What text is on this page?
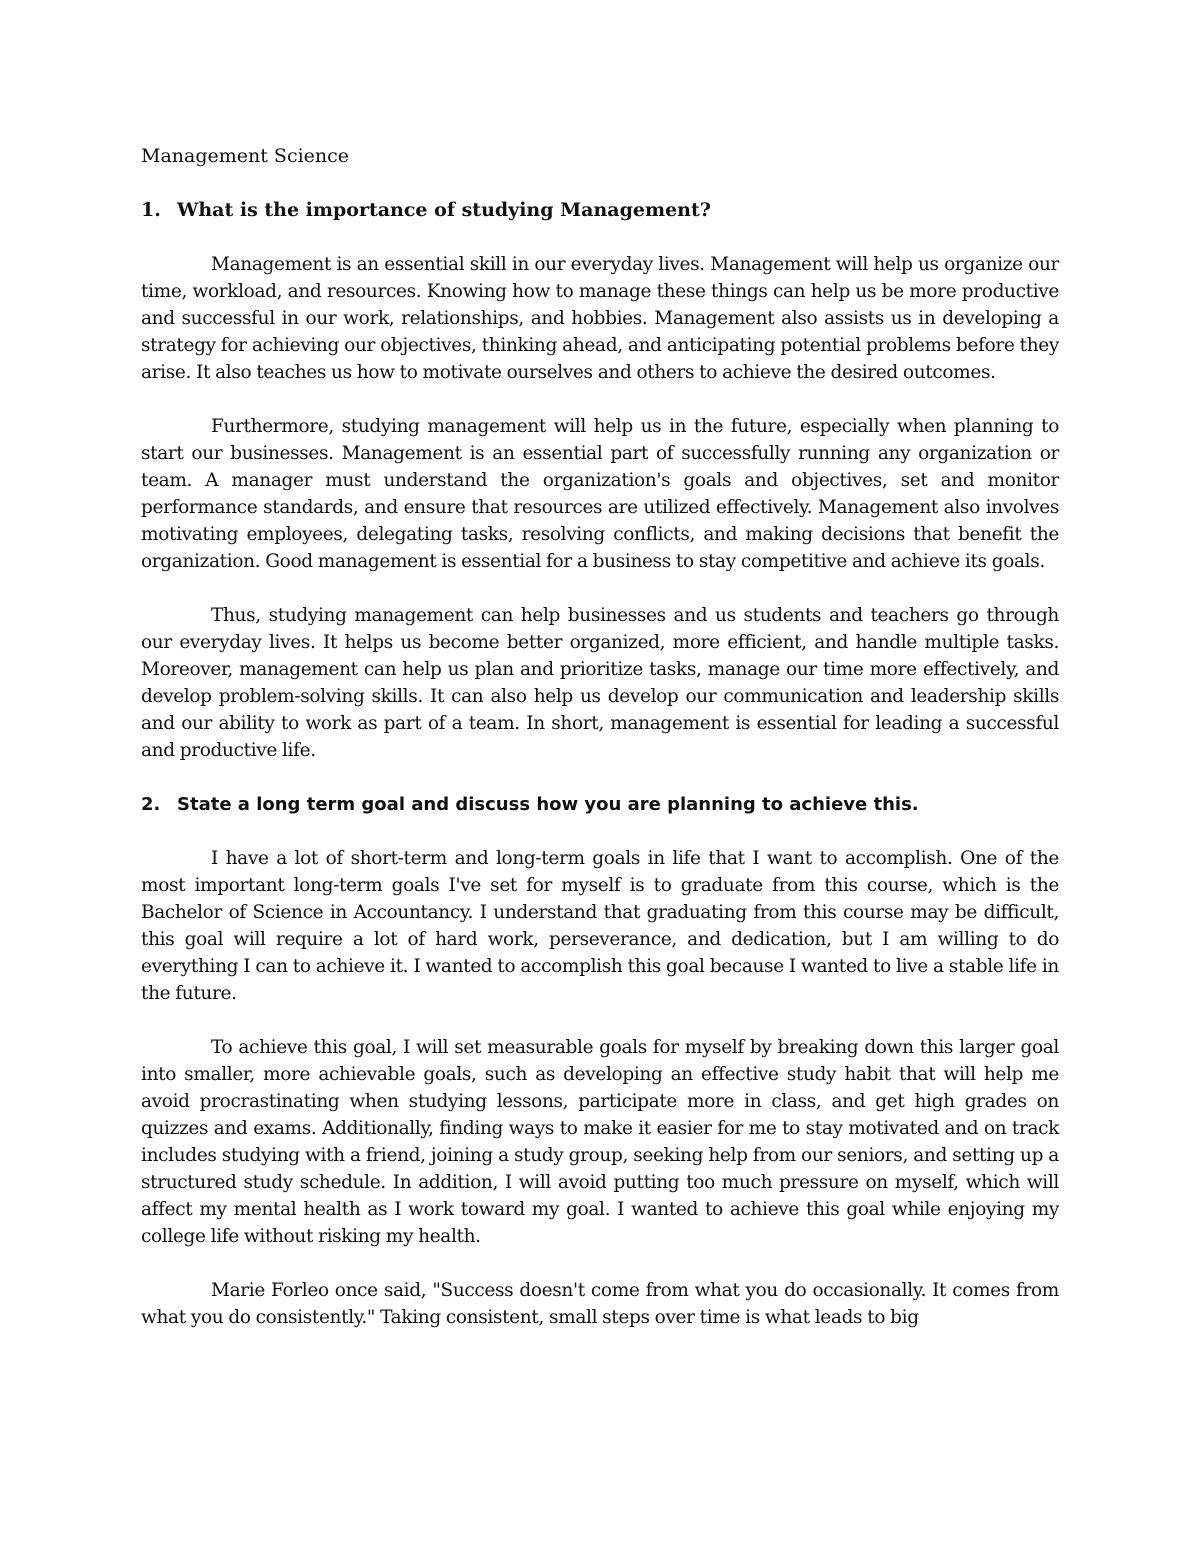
Management Science
1. What is the importance of studying Management?

Management is an essential skill in our everyday lives. Management will help us organize our time, workload, and resources. Knowing how to manage these things can help us be more productive and successful in our work, relationships, and hobbies. Management also assists us in developing a strategy for achieving our objectives, thinking ahead, and anticipating potential problems before they arise. It also teaches us how to motivate ourselves and others to achieve the desired outcomes.

Furthermore, studying management will help us in the future, especially when planning to start our businesses. Management is an essential part of successfully running any organization or team. A manager must understand the organization's goals and objectives, set and monitor performance standards, and ensure that resources are utilized effectively. Management also involves motivating employees, delegating tasks, resolving conflicts, and making decisions that benefit the organization. Good management is essential for a business to stay competitive and achieve its goals.

Thus, studying management can help businesses and us students and teachers go through our everyday lives. It helps us become better organized, more efficient, and handle multiple tasks. Moreover, management can help us plan and prioritize tasks, manage our time more effectively, and develop problem-solving skills. It can also help us develop our communication and leadership skills and our ability to work as part of a team. In short, management is essential for leading a successful and productive life.

2. State a long term goal and discuss how you are planning to achieve this.

I have a lot of short-term and long-term goals in life that I want to accomplish. One of the most important long-term goals I've set for myself is to graduate from this course, which is the Bachelor of Science in Accountancy. I understand that graduating from this course may be difficult, this goal will require a lot of hard work, perseverance, and dedication, but I am willing to do everything I can to achieve it. I wanted to accomplish this goal because I wanted to live a stable life in the future.

To achieve this goal, I will set measurable goals for myself by breaking down this larger goal into smaller, more achievable goals, such as developing an effective study habit that will help me avoid procrastinating when studying lessons, participate more in class, and get high grades on quizzes and exams. Additionally, finding ways to make it easier for me to stay motivated and on track includes studying with a friend, joining a study group, seeking help from our seniors, and setting up a structured study schedule. In addition, I will avoid putting too much pressure on myself, which will affect my mental health as I work toward my goal. I wanted to achieve this goal while enjoying my college life without risking my health.

Marie Forleo once said, "Success doesn't come from what you do occasionally. It comes from what you do consistently." Taking consistent, small steps over time is what leads to big
